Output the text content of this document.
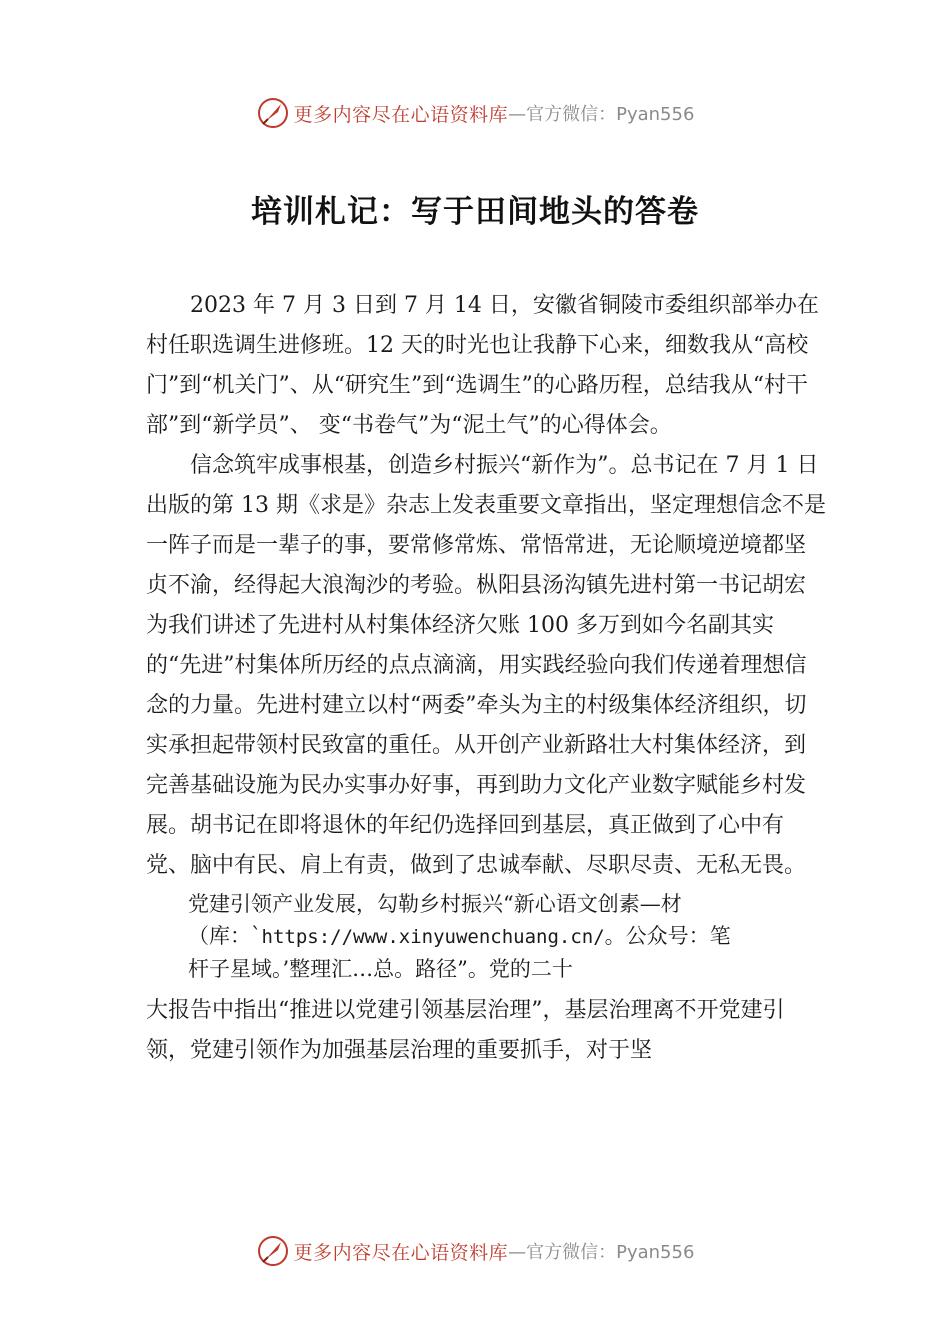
更多内容尽在心语资料库 —官方微信：Pyan556
培训札记：写于田间地头的答卷

2023 年 7 月 3 日到 7 月 14 日，安徽省铜陵市委组织部举办在村任职选调生进修班。12 天的时光也让我静下心来，细数我从“高校门”到“机关门”、从“研究生”到“选调生”的心路历程，总结我从“村干部”到“新学员”、 变“书卷气”为“泥土气”的心得体会。

信念筑牢成事根基，创造乡村振兴“新作为”。总书记在 7 月 1 日出版的第 13 期《求是》杂志上发表重要文章指出，坚定理想信念不是一阵子而是一辈子的事，要常修常炼、常悟常进，无论顺境逆境都坚贞不渝，经得起大浪淘沙的考验。枞阳县汤沟镇先进村第一书记胡宏为我们讲述了先进村从村集体经济欠账 100 多万到如今名副其实的“先进”村集体所历经的点点滴滴，用实践经验向我们传递着理想信念的力量。先进村建立以村“两委”牵头为主的村级集体经济组织，切实承担起带领村民致富的重任。从开创产业新路壮大村集体经济，到完善基础设施为民办实事办好事，再到助力文化产业数字赋能乡村发展。胡书记在即将退休的年纪仍选择回到基层，真正做到了心中有党、脑中有民、肩上有责，做到了忠诚奉献、尽职尽责、无私无畏。

党建引领产业发展，勾勒乡村振兴“新心语文创素—材
（库：`https://www.xinyuwenchuang.cn/。公众号：笔
杆子星域。’整理汇…总。路径”。党的二十

大报告中指出“推进以党建引领基层治理”，基层治理离不开党建引领，党建引领作为加强基层治理的重要抓手，对于坚

更多内容尽在心语资料库 —官方微信：Pyan556
